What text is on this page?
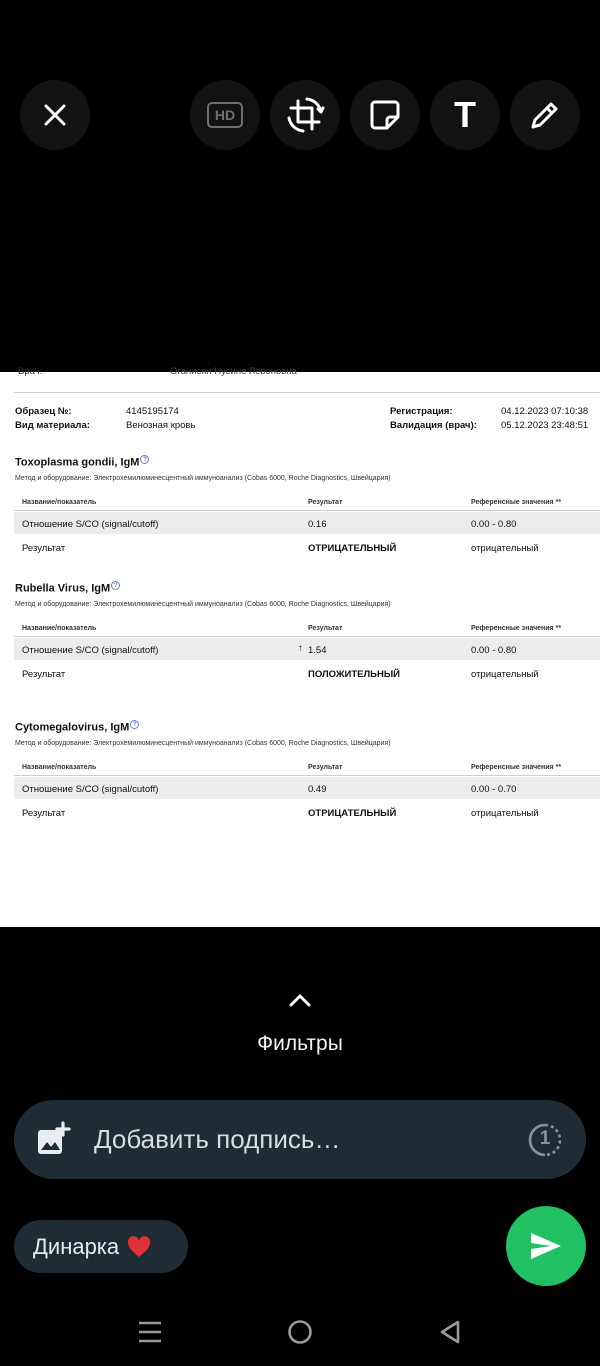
HD	T
Врач:	Оганисян Нусине Левоновна
Образец №:	4145195174
Вид материала:	Венозная кровь
Регистрация:	04.12.2023 07:10:38
Валидация (врач):	05.12.2023 23:48:51
Toxoplasma gondii, IgM ?
Метод и оборудование: Электрохемилюминесцентный иммуноанализ (Cobas 6000, Roche Diagnostics, Швейцария)
Название/показатель	Результат	Референсные значения **
Отношение S/CO (signal/cutoff)	0.16	0.00 - 0.80
Результат	ОТРИЦАТЕЛЬНЫЙ	отрицательный
Rubella Virus, IgM ?
Метод и оборудование: Электрохемилюминесцентный иммуноанализ (Cobas 6000, Roche Diagnostics, Швейцария)
Название/показатель	Результат	Референсные значения **
Отношение S/CO (signal/cutoff)	↑ 1.54	0.00 - 0.80
Результат	ПОЛОЖИТЕЛЬНЫЙ	отрицательный
Cytomegalovirus, IgM ?
Метод и оборудование: Электрохемилюминесцентный иммуноанализ (Cobas 6000, Roche Diagnostics, Швейцария)
Название/показатель	Результат	Референсные значения **
Отношение S/CO (signal/cutoff)	0.49	0.00 - 0.70
Результат	ОТРИЦАТЕЛЬНЫЙ	отрицательный
Фильтры
Добавить подпись…	1
Динарка
